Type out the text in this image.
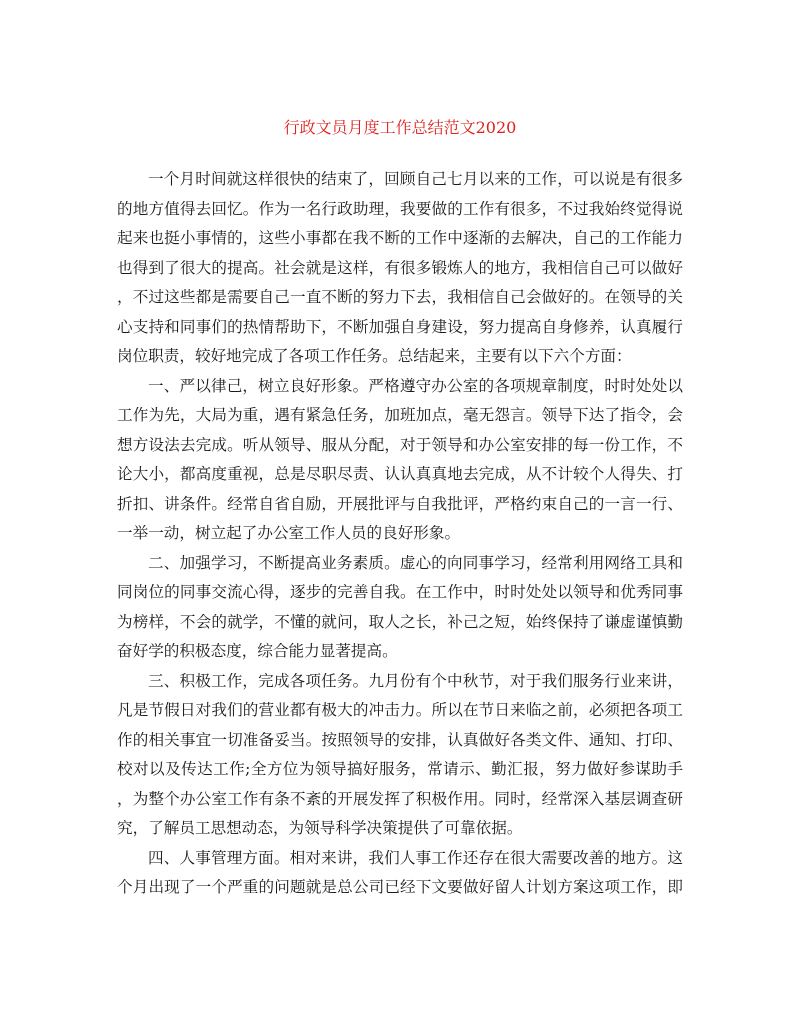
行政文员月度工作总结范文2020

一个月时间就这样很快的结束了，回顾自己七月以来的工作，可以说是有很多
的地方值得去回忆。作为一名行政助理，我要做的工作有很多，不过我始终觉得说
起来也挺小事情的，这些小事都在我不断的工作中逐渐的去解决，自己的工作能力
也得到了很大的提高。社会就是这样，有很多锻炼人的地方，我相信自己可以做好
，不过这些都是需要自己一直不断的努力下去，我相信自己会做好的。在领导的关
心支持和同事们的热情帮助下，不断加强自身建设，努力提高自身修养，认真履行
岗位职责，较好地完成了各项工作任务。总结起来，主要有以下六个方面：

一、严以律己，树立良好形象。严格遵守办公室的各项规章制度，时时处处以
工作为先，大局为重，遇有紧急任务，加班加点，毫无怨言。领导下达了指令，会
想方设法去完成。听从领导、服从分配，对于领导和办公室安排的每一份工作，不
论大小，都高度重视，总是尽职尽责、认认真真地去完成，从不计较个人得失、打
折扣、讲条件。经常自省自励，开展批评与自我批评，严格约束自己的一言一行、
一举一动，树立起了办公室工作人员的良好形象。

二、加强学习，不断提高业务素质。虚心的向同事学习，经常利用网络工具和
同岗位的同事交流心得，逐步的完善自我。在工作中，时时处处以领导和优秀同事
为榜样，不会的就学，不懂的就问，取人之长，补己之短，始终保持了谦虚谨慎勤
奋好学的积极态度，综合能力显著提高。

三、积极工作，完成各项任务。九月份有个中秋节，对于我们服务行业来讲，
凡是节假日对我们的营业都有极大的冲击力。所以在节日来临之前，必须把各项工
作的相关事宜一切准备妥当。按照领导的安排，认真做好各类文件、通知、打印、
校对以及传达工作;全方位为领导搞好服务，常请示、勤汇报，努力做好参谋助手
，为整个办公室工作有条不紊的开展发挥了积极作用。同时，经常深入基层调查研
究，了解员工思想动态，为领导科学决策提供了可靠依据。

四、人事管理方面。相对来讲，我们人事工作还存在很大需要改善的地方。这
个月出现了一个严重的问题就是总公司已经下文要做好留人计划方案这项工作，即
